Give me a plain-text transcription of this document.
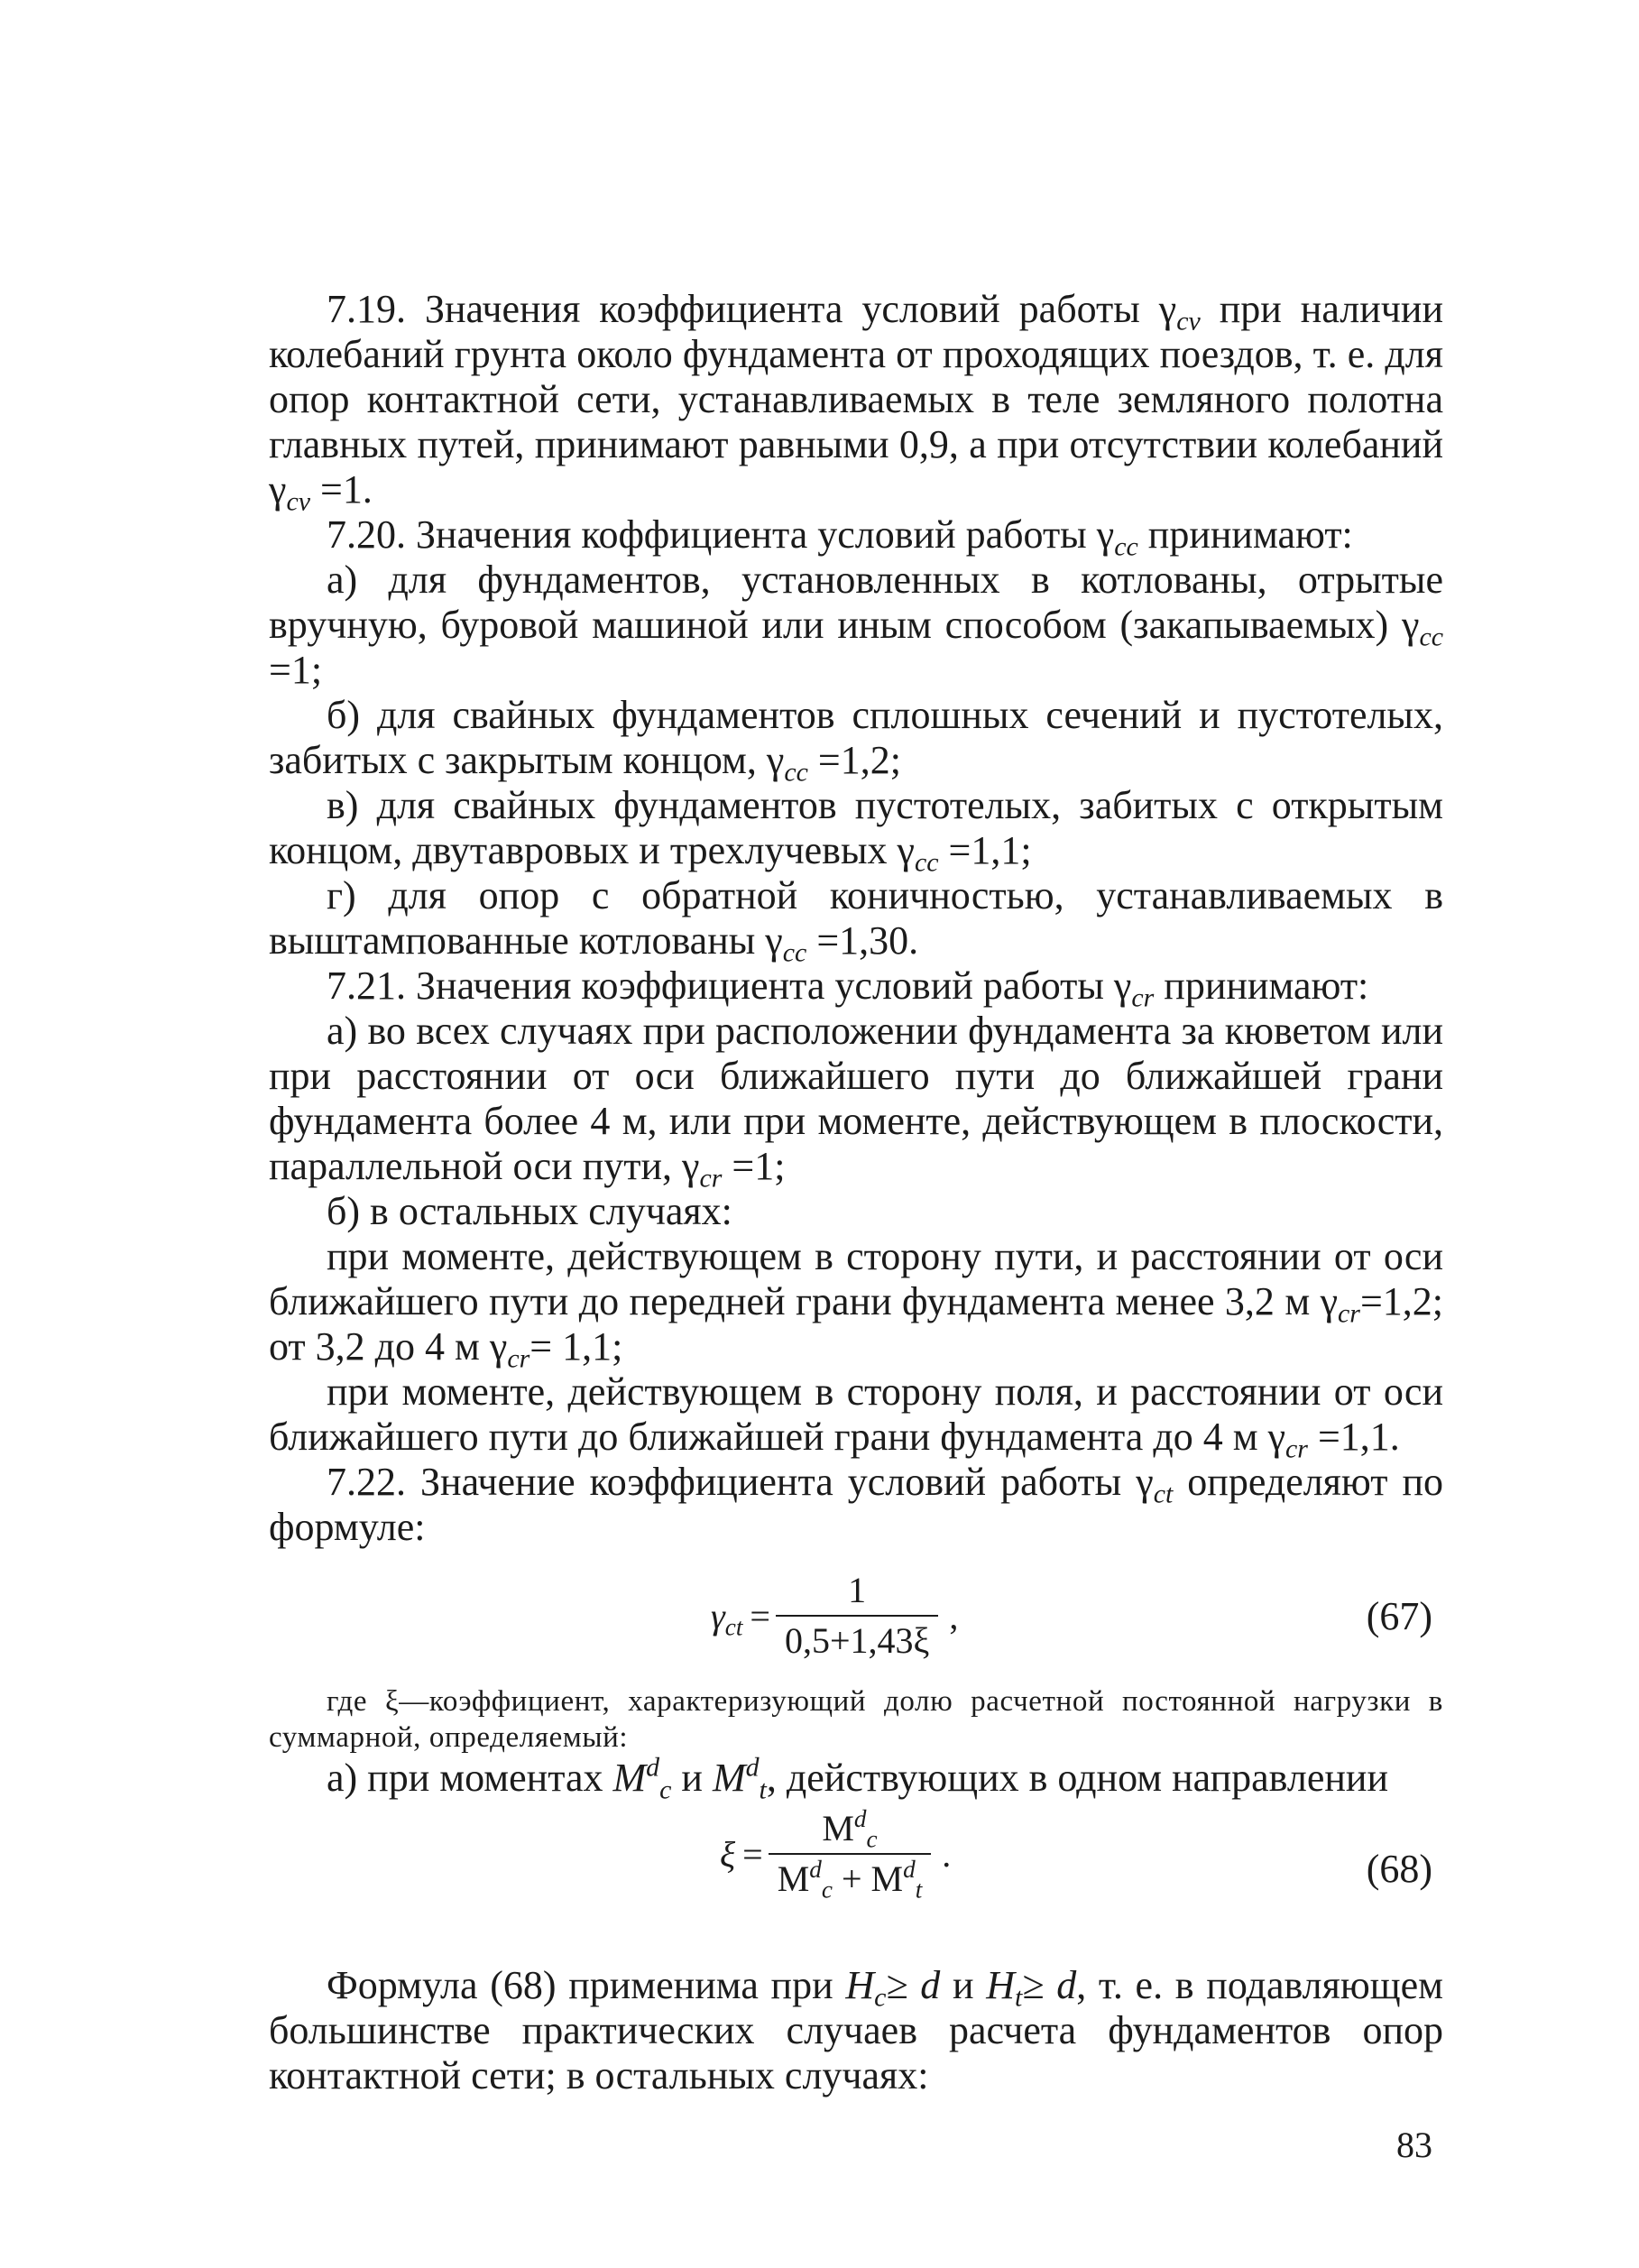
7.19. Значения коэффициента условий работы $\gamma_{cv}$ при наличии колебаний грунта около фундамента от проходящих поездов, т. е. для опор контактной сети, устанавливаемых в теле земляного полотна главных путей, принимают равными 0,9, а при отсутствии колебаний $\gamma_{cv} =1$.

7.20. Значения коффициента условий работы $\gamma_{cc}$ принимают:

а) для фундаментов, установленных в котлованы, отрытые вручную, буровой машиной или иным способом (закапываемых) $\gamma_{cc} =1$;

б) для свайных фундаментов сплошных сечений и пустотелых, забитых с закрытым концом, $\gamma_{cc} =1,2$;

в) для свайных фундаментов пустотелых, забитых с открытым концом, двутавровых и трехлучевых $\gamma_{cc} =1,1$;

г) для опор с обратной коничностью, устанавливаемых в выштампованные котлованы $\gamma_{cc} =1,30$.

7.21. Значения коэффициента условий работы $\gamma_{cr}$ принимают:

а) во всех случаях при расположении фундамента за кюветом или при расстоянии от оси ближайшего пути до ближайшей грани фундамента более 4 м, или при моменте, действующем в плоскости, параллельной оси пути, $\gamma_{cr} =1$;

б) в остальных случаях:

при моменте, действующем в сторону пути, и расстоянии от оси ближайшего пути до передней грани фундамента менее 3,2 м $\gamma_{cr}=1,2$; от 3,2 до 4 м $\gamma_{cr}= 1,1$;

при моменте, действующем в сторону поля, и расстоянии от оси ближайшего пути до ближайшей грани фундамента до 4 м $\gamma_{cr} =1,1$.

7.22. Значение коэффициента условий работы $\gamma_{ct}$ определяют по формуле:

$\gamma_{ct} = \frac{1}{0,5+1,43\xi}$ ,	(67)

где ξ—коэффициент, характеризующий долю расчетной постоянной нагрузки в суммарной, определяемый:

а) при моментах $M^d_c$ и $M^d_t$, действующих в одном направлении

$\xi = \frac{M^d_c}{M^d_c + M^d_t}$ .	(68)

Формула (68) применима при $H_c\ge d$ и $H_t\ge d$, т. е. в подавляющем большинстве практических случаев расчета фундаментов опор контактной сети; в остальных случаях:

83
